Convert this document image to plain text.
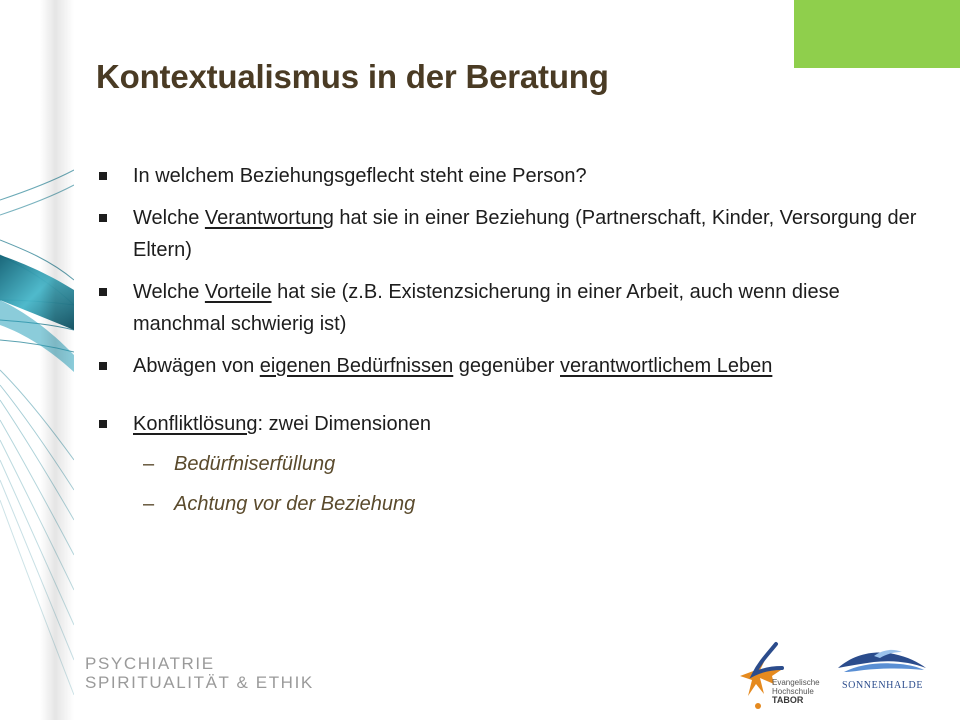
Kontextualismus in der Beratung
In welchem Beziehungsgeflecht steht eine Person?
Welche Verantwortung hat sie in einer Beziehung (Partnerschaft, Kinder, Versorgung der Eltern)
Welche Vorteile hat sie (z.B. Existenzsicherung in einer Arbeit, auch wenn diese manchmal schwierig ist)
Abwägen von eigenen Bedürfnissen gegenüber verantwortlichem Leben
Konfliktlösung: zwei Dimensionen
– Bedürfniserfüllung
– Achtung vor der Beziehung
PSYCHIATRIE
SPIRITUALITÄT & ETHIK	Evangelische
Hochschule
TABOR
SONNENHALDE
